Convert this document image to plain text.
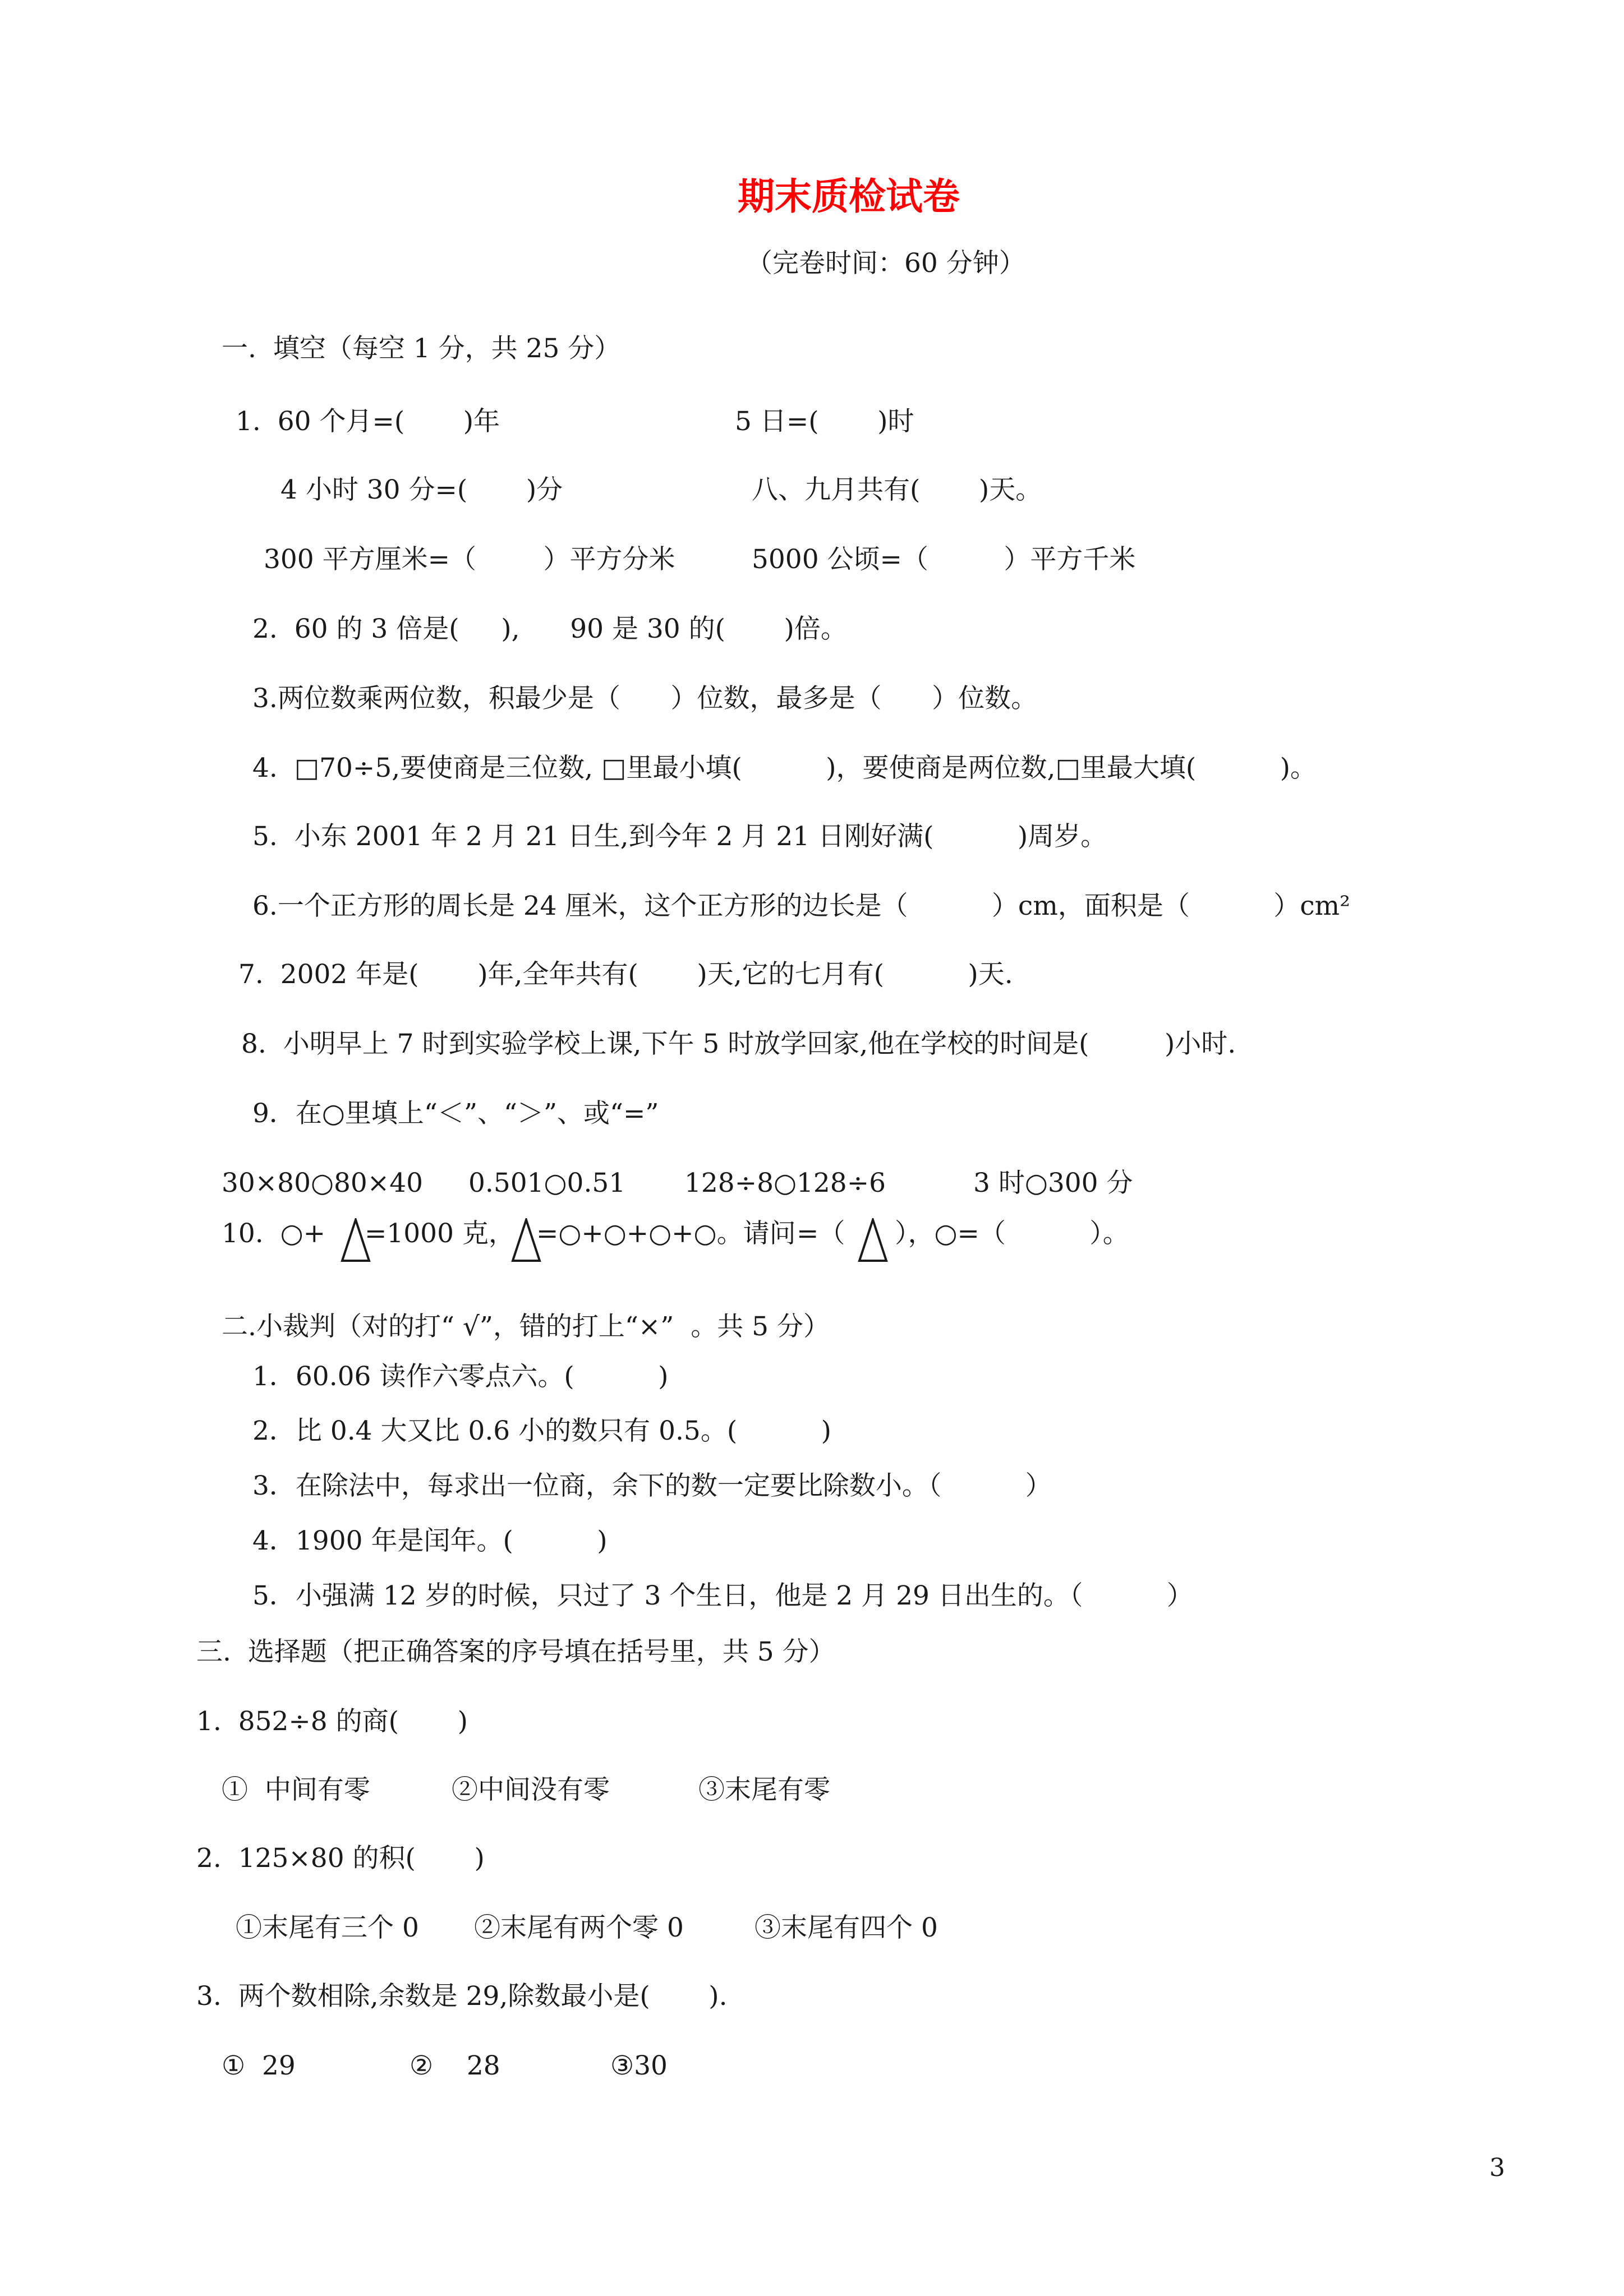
期末质检试卷
（完卷时间：60 分钟）
一.  填空（每空 1 分，共 25 分）
1.  60 个月=(       )年	5 日=(       )时
4 小时 30 分=(       )分	八、九月共有(       )天。
300 平方厘米=（        ）平方分米	5000 公顷=（         ）平方千米
2.  60 的 3 倍是(     ),      90 是 30 的(       )倍。
3.两位数乘两位数，积最少是（      ）位数，最多是（      ）位数。
4.  □70÷5,要使商是三位数, □里最小填(          )，要使商是两位数,□里最大填(          )。
5.  小东 2001 年 2 月 21 日生,到今年 2 月 21 日刚好满(          )周岁。
6.一个正方形的周长是 24 厘米，这个正方形的边长是（          ）cm，面积是（          ）cm²
7.  2002 年是(       )年,全年共有(       )天,它的七月有(          )天.
8.  小明早上 7 时到实验学校上课,下午 5 时放学回家,他在学校的时间是(         )小时.
9．在○里填上“＜”、“＞”、或“=”
30×80○80×40 0.501○0.51 128÷8○128÷6	3 时○300 分
10.  ○+ =1000 克， =○+○+○+○。请问 =（ ），○=（          ）。
二.小裁判（对的打“ √”，错的打上“×”  。共 5 分）
1．60.06 读作六零点六。(          )
2．比 0.4 大又比 0.6 小的数只有 0.5。(          )
3．在除法中，每求出一位商，余下的数一定要比除数小。（          ）
4．1900 年是闰年。(          )
5．小强满 12 岁的时候，只过了 3 个生日，他是 2 月 29 日出生的。（          ）
三.  选择题（把正确答案的序号填在括号里，共 5 分）
1.  852÷8 的商(       )
①  中间有零	②中间没有零	③末尾有零
2.  125×80 的积(       )
①末尾有三个 0 ②末尾有两个零 0	③末尾有四个 0
3.  两个数相除,余数是 29,除数最小是(       ).
①  29	②    28	③30
3
